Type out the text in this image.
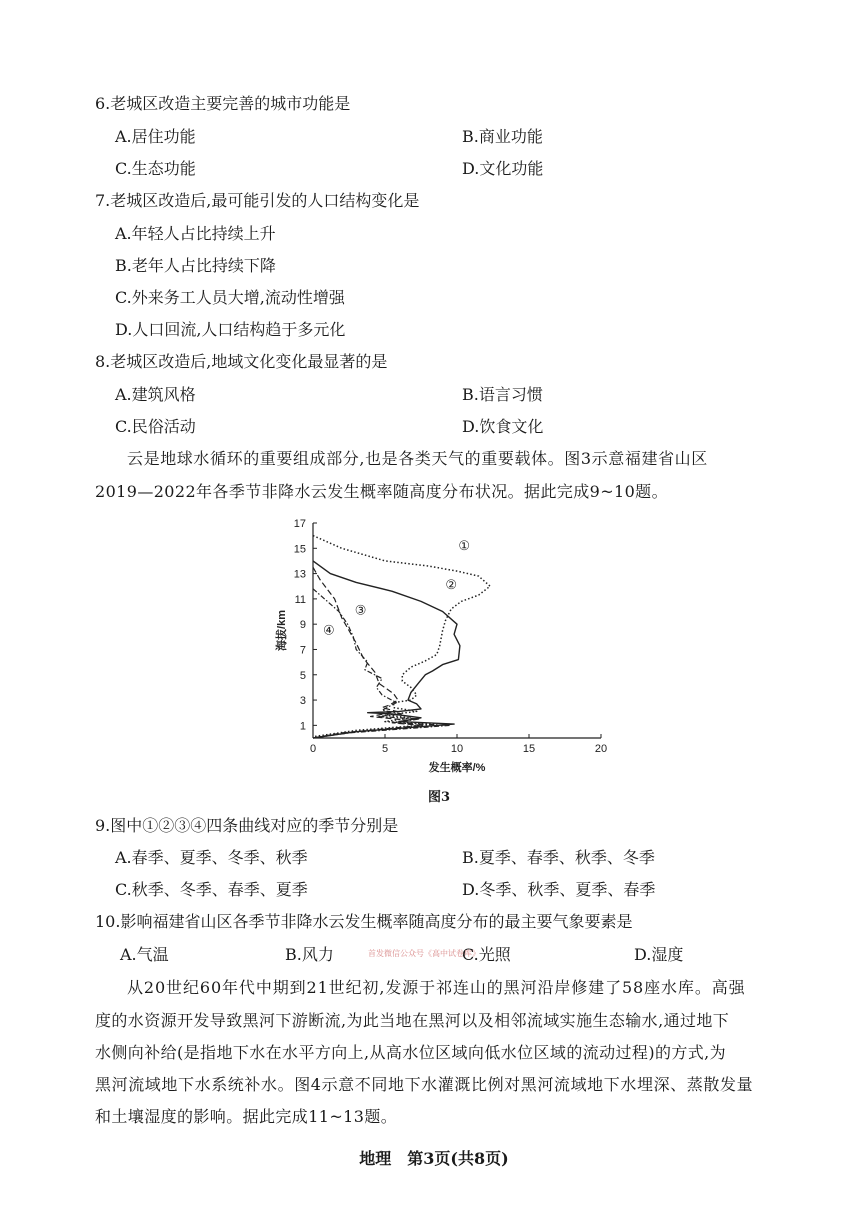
6.老城区改造主要完善的城市功能是
A.居住功能	B.商业功能
C.生态功能	D.文化功能
7.老城区改造后,最可能引发的人口结构变化是
A.年轻人占比持续上升
B.老年人占比持续下降
C.外来务工人员大增,流动性增强
D.人口回流,人口结构趋于多元化
8.老城区改造后,地域文化变化最显著的是
A.建筑风格	B.语言习惯
C.民俗活动	D.饮食文化
云是地球水循环的重要组成部分,也是各类天气的重要载体。图3示意福建省山区
2019—2022年各季节非降水云发生概率随高度分布状况。据此完成9~10题。
0	5	10	15	20
1
3
5
7
9
11
13
15
17
发生概率/%
海拔/km
①
②
③
④
图3
9.图中①②③④四条曲线对应的季节分别是
A.春季、夏季、冬季、秋季	B.夏季、春季、秋季、冬季
C.秋季、冬季、春季、夏季	D.冬季、秋季、夏季、春季
10.影响福建省山区各季节非降水云发生概率随高度分布的最主要气象要素是
A.气温	B.风力	C.光照	D.湿度
首发微信公众号《高中试卷库》
从20世纪60年代中期到21世纪初,发源于祁连山的黑河沿岸修建了58座水库。高强
度的水资源开发导致黑河下游断流,为此当地在黑河以及相邻流域实施生态输水,通过地下
水侧向补给(是指地下水在水平方向上,从高水位区域向低水位区域的流动过程)的方式,为
黑河流域地下水系统补水。图4示意不同地下水灌溉比例对黑河流域地下水埋深、蒸散发量
和土壤湿度的影响。据此完成11~13题。
地理　第3页(共8页)
